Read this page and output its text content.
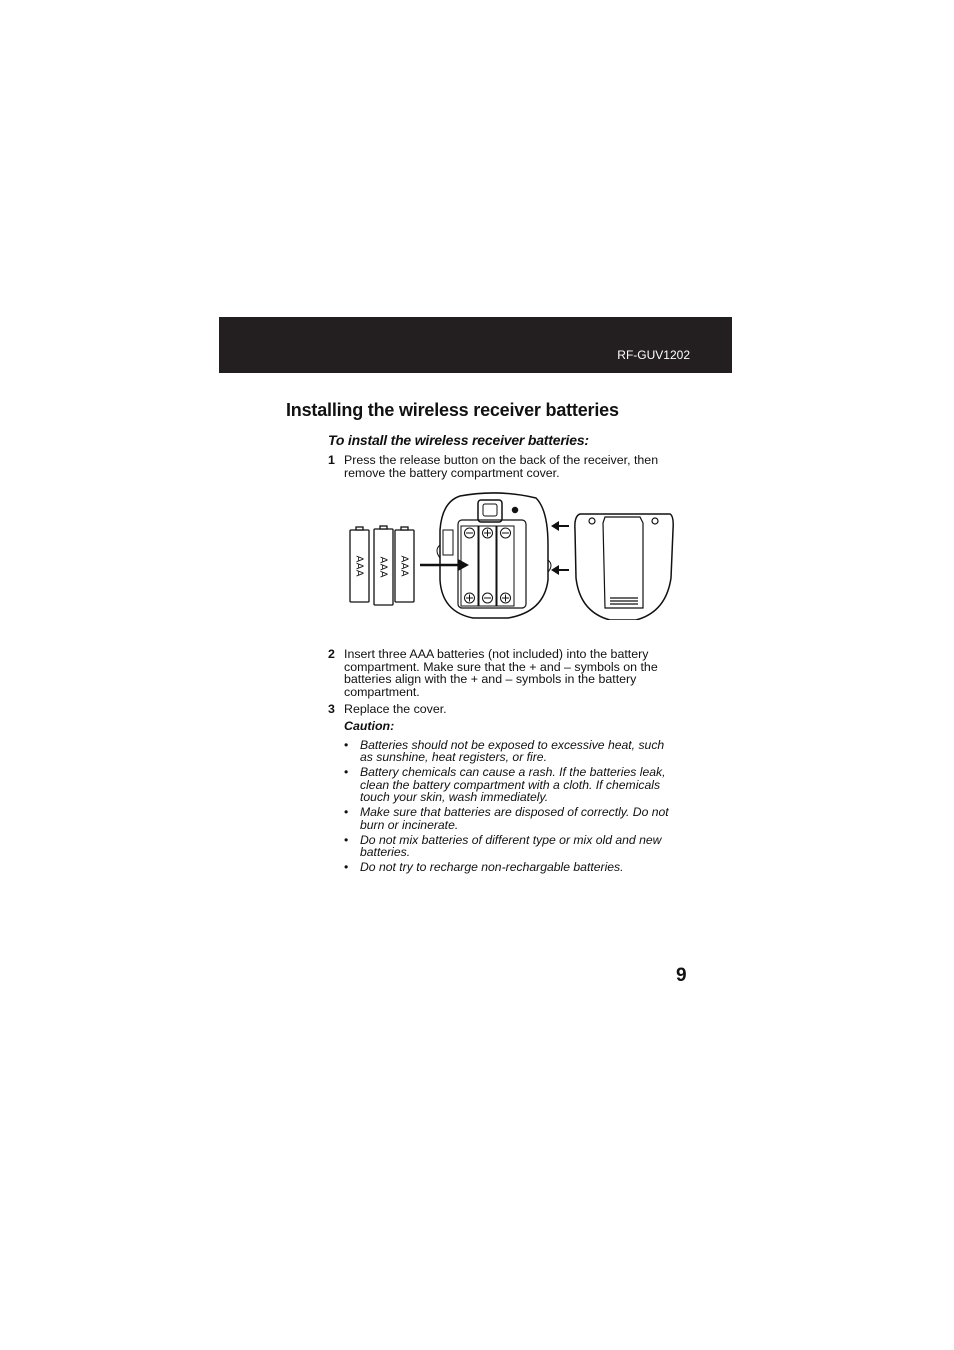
RF-GUV1202
Installing the wireless receiver batteries
To install the wireless receiver batteries:
1 Press the release button on the back of the receiver, then remove the battery compartment cover.
AAA AAA AAA
2 Insert three AAA batteries (not included) into the battery compartment. Make sure that the + and – symbols on the batteries align with the + and – symbols in the battery compartment.
3 Replace the cover.
Caution:
• Batteries should not be exposed to excessive heat, such as sunshine, heat registers, or fire.
• Battery chemicals can cause a rash. If the batteries leak, clean the battery compartment with a cloth. If chemicals touch your skin, wash immediately.
• Make sure that batteries are disposed of correctly. Do not burn or incinerate.
• Do not mix batteries of different type or mix old and new batteries.
• Do not try to recharge non-rechargable batteries.
9
